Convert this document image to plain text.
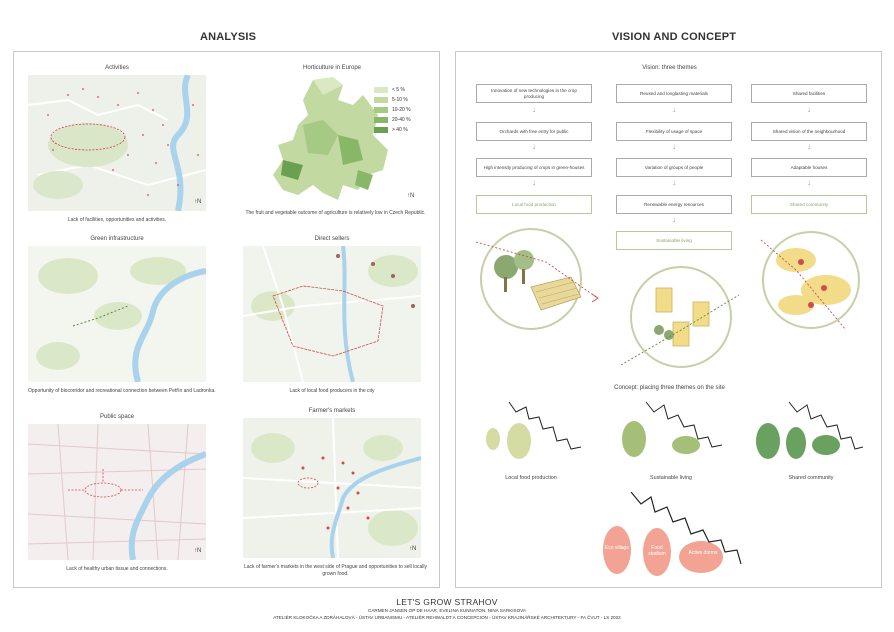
ANALYSIS	VISION AND CONCEPT
Activities
↑N
Lack of facilities, opportunities and activities.
Horticulture in Europe
↑N
< 5 %
5-10 %
10-20 %
20-40 %
> 40 %
The fruit and vegetable outcome of agriculture is relatively low in Czech Republic.
Green infrastructure
Opportunity of biocorridor and recreational connection between Petřín and Ladronka.
Direct sellers
Lack of local food producers in the city
Public space
↑N
Lack of healthy urban tissue and connections.
Farmer's markets
↑N
Lack of farmer's markets in the west side of Prague and opportunities to sell locally grown food.
Vision: three themes
Innovation of new technologies in the crop producing
↓
Orchards with free entry for public
↓
High intensity producing of crops in green-houses
↓
Local food production
Reused and longlasting materials
↓
Flexibility of usage of space
↓
Variation of groups of people
↓
Renewable energy resources
↓
Sustainable living
Shared facilities
↓
Shared vision of the neighbourhood
↓
Adaptable houses
↓
Shared community
Concept: placing three themes on the site
Local food production	Sustainable living	Shared community
Eco village	Food stadium	Active dorms
LET'S GROW STRAHOV
CARMEN JANSEN OP DE HAAR, EVELINA KUNNATON, NINA SARKISOVA
ATELIÉR KLOKOČKA A ZDRÁHALOVÁ - ÚSTAV URBANISMU - ATELIÉR REHWALDT A CONCEPCION - ÚSTAV KRAJINÁŘSKÉ ARCHITEKTURY - FA ČVUT - LS 2022
